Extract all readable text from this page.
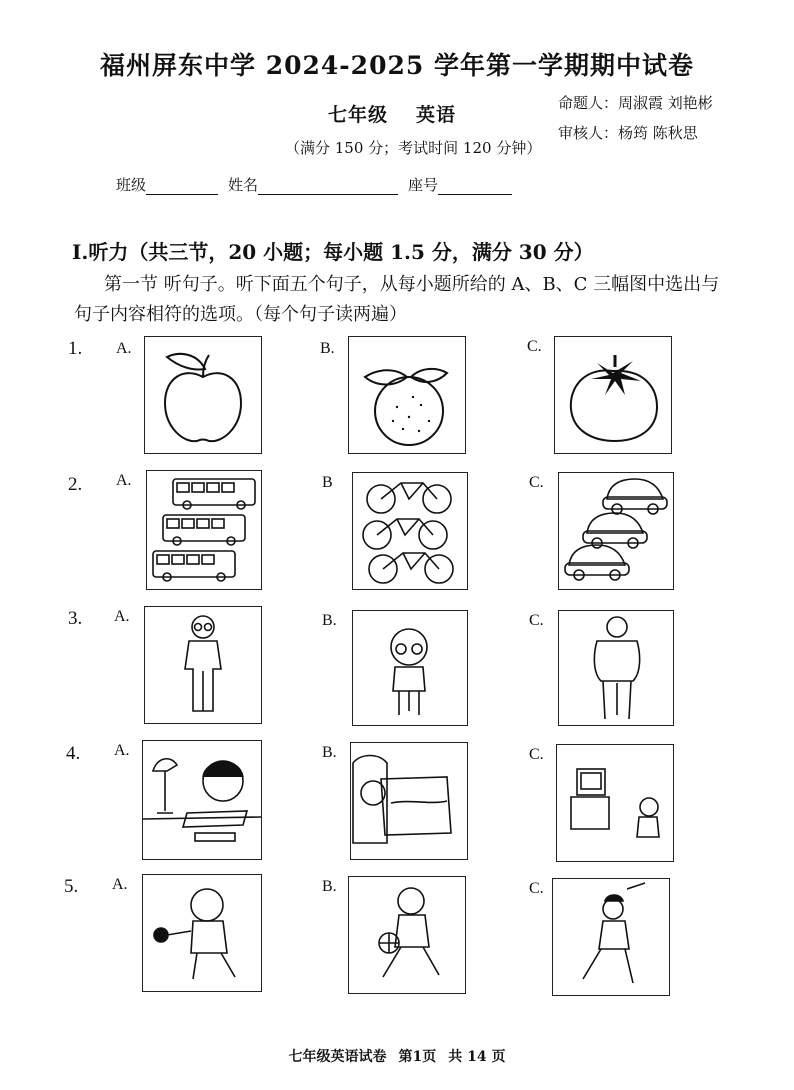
福州屏东中学 2024-2025 学年第一学期期中试卷
七年级 英语
命题人：周淑霞 刘艳彬
审核人：杨筠 陈秋思
（满分 150 分；考试时间 120 分钟）
班级	姓名	座号
Ⅰ.听力（共三节，20 小题；每小题 1.5 分，满分 30 分）
第一节 听句子。听下面五个句子，从每小题所给的 A、B、C 三幅图中选出与句子内容相符的选项。（每个句子读两遍）
1.
2.
3.
4.
5.
A.	B.	C.
A.	B	C.
A.	B.	C.
A.	B.	C.
A.	B.	C.
七年级英语试卷 第1页 共 14 页
